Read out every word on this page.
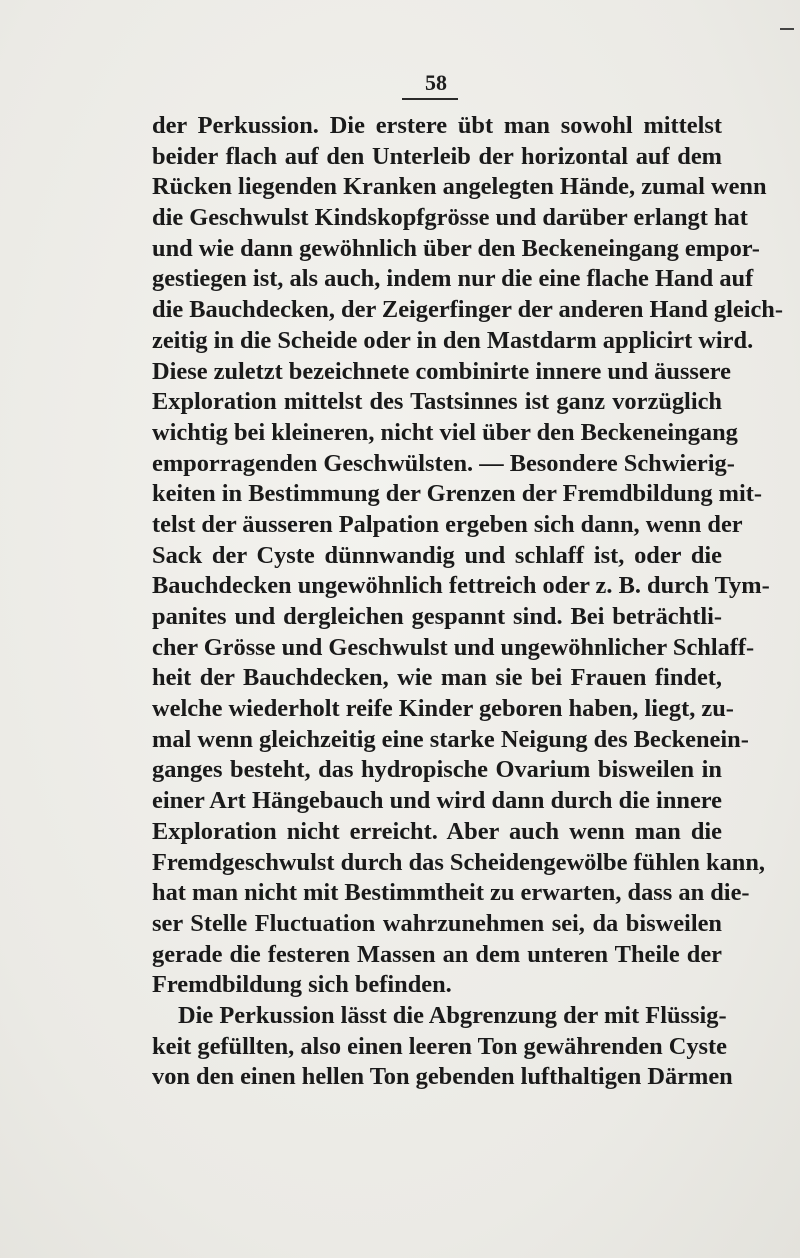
58
der Perkussion. Die erstere übt man sowohl mittelst
beider flach auf den Unterleib der horizontal auf dem
Rücken liegenden Kranken angelegten Hände, zumal wenn
die Geschwulst Kindskopfgrösse und darüber erlangt hat
und wie dann gewöhnlich über den Beckeneingang empor-
gestiegen ist, als auch, indem nur die eine flache Hand auf
die Bauchdecken, der Zeigerfinger der anderen Hand gleich-
zeitig in die Scheide oder in den Mastdarm applicirt wird.
Diese zuletzt bezeichnete combinirte innere und äussere
Exploration mittelst des Tastsinnes ist ganz vorzüglich
wichtig bei kleineren, nicht viel über den Beckeneingang
emporragenden Geschwülsten. — Besondere Schwierig-
keiten in Bestimmung der Grenzen der Fremdbildung mit-
telst der äusseren Palpation ergeben sich dann, wenn der
Sack der Cyste dünnwandig und schlaff ist, oder die
Bauchdecken ungewöhnlich fettreich oder z. B. durch Tym-
panites und dergleichen gespannt sind. Bei beträchtli-
cher Grösse und Geschwulst und ungewöhnlicher Schlaff-
heit der Bauchdecken, wie man sie bei Frauen findet,
welche wiederholt reife Kinder geboren haben, liegt, zu-
mal wenn gleichzeitig eine starke Neigung des Beckenein-
ganges besteht, das hydropische Ovarium bisweilen in
einer Art Hängebauch und wird dann durch die innere
Exploration nicht erreicht. Aber auch wenn man die
Fremdgeschwulst durch das Scheidengewölbe fühlen kann,
hat man nicht mit Bestimmtheit zu erwarten, dass an die-
ser Stelle Fluctuation wahrzunehmen sei, da bisweilen
gerade die festeren Massen an dem unteren Theile der
Fremdbildung sich befinden.
Die Perkussion lässt die Abgrenzung der mit Flüssig-
keit gefüllten, also einen leeren Ton gewährenden Cyste
von den einen hellen Ton gebenden lufthaltigen Därmen
